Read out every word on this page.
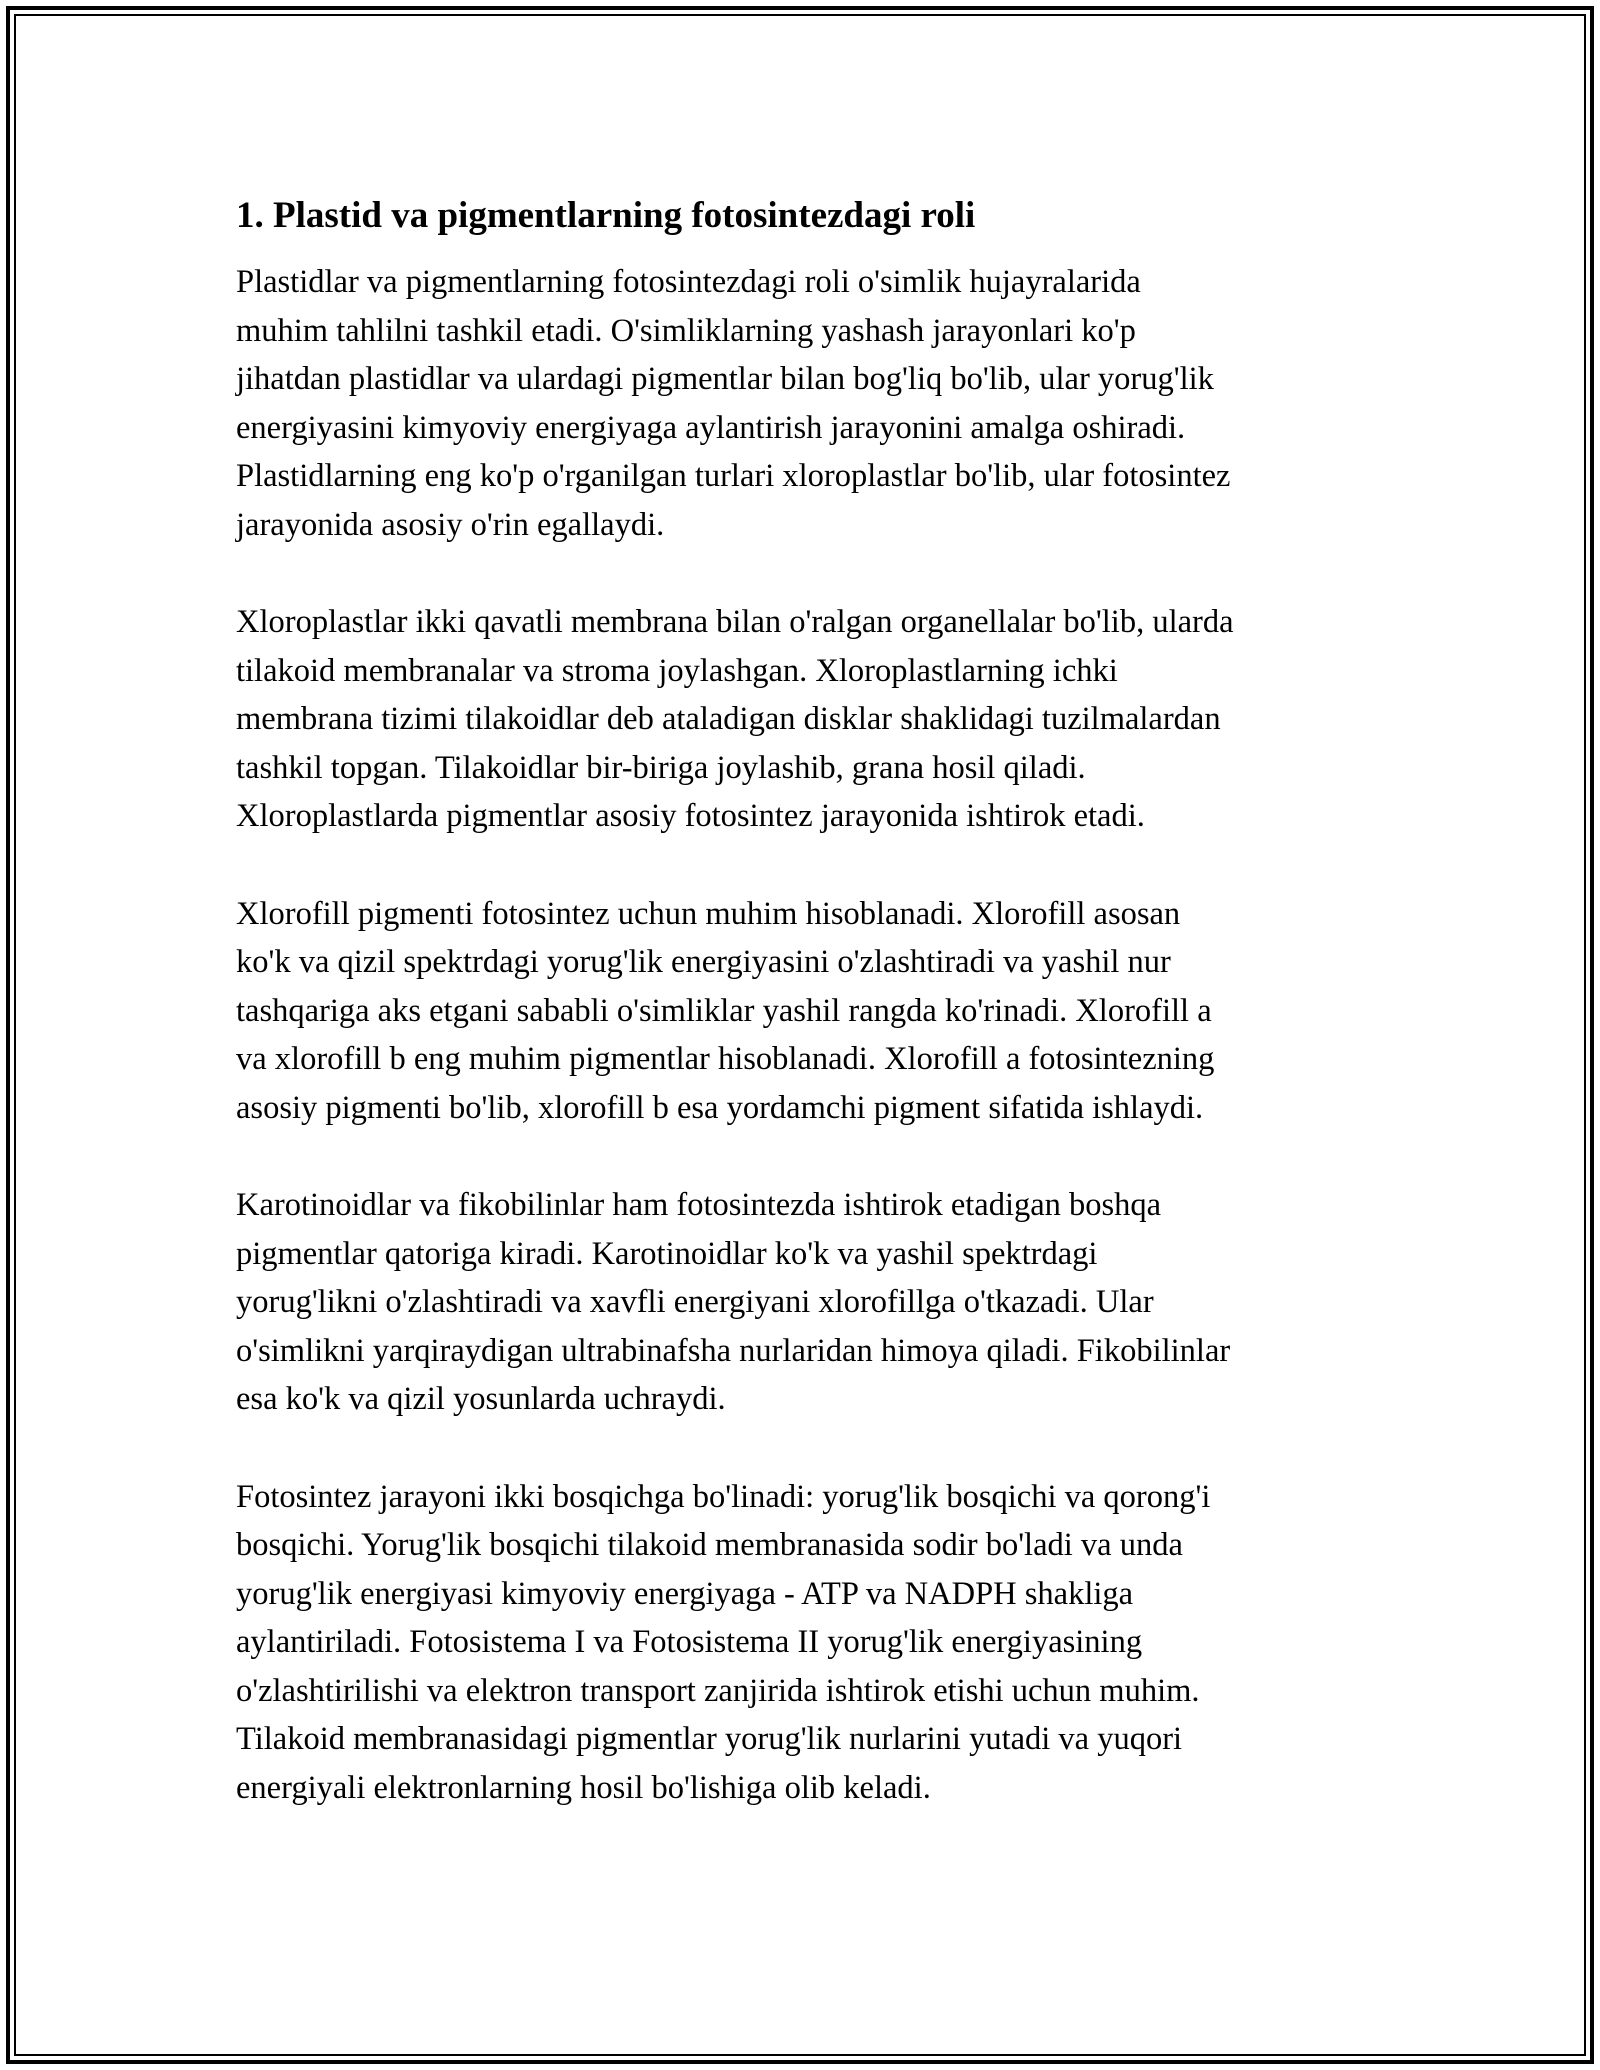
1. Plastid va pigmentlarning fotosintezdagi roli

Plastidlar va pigmentlarning fotosintezdagi roli o'simlik hujayralarida
muhim tahlilni tashkil etadi. O'simliklarning yashash jarayonlari ko'p
jihatdan plastidlar va ulardagi pigmentlar bilan bog'liq bo'lib, ular yorug'lik
energiyasini kimyoviy energiyaga aylantirish jarayonini amalga oshiradi.
Plastidlarning eng ko'p o'rganilgan turlari xloroplastlar bo'lib, ular fotosintez
jarayonida asosiy o'rin egallaydi.

Xloroplastlar ikki qavatli membrana bilan o'ralgan organellalar bo'lib, ularda
tilakoid membranalar va stroma joylashgan. Xloroplastlarning ichki
membrana tizimi tilakoidlar deb ataladigan disklar shaklidagi tuzilmalardan
tashkil topgan. Tilakoidlar bir-biriga joylashib, grana hosil qiladi.
Xloroplastlarda pigmentlar asosiy fotosintez jarayonida ishtirok etadi.

Xlorofill pigmenti fotosintez uchun muhim hisoblanadi. Xlorofill asosan
ko'k va qizil spektrdagi yorug'lik energiyasini o'zlashtiradi va yashil nur
tashqariga aks etgani sababli o'simliklar yashil rangda ko'rinadi. Xlorofill a
va xlorofill b eng muhim pigmentlar hisoblanadi. Xlorofill a fotosintezning
asosiy pigmenti bo'lib, xlorofill b esa yordamchi pigment sifatida ishlaydi.

Karotinoidlar va fikobilinlar ham fotosintezda ishtirok etadigan boshqa
pigmentlar qatoriga kiradi. Karotinoidlar ko'k va yashil spektrdagi
yorug'likni o'zlashtiradi va xavfli energiyani xlorofillga o'tkazadi. Ular
o'simlikni yarqiraydigan ultrabinafsha nurlaridan himoya qiladi. Fikobilinlar
esa ko'k va qizil yosunlarda uchraydi.

Fotosintez jarayoni ikki bosqichga bo'linadi: yorug'lik bosqichi va qorong'i
bosqichi. Yorug'lik bosqichi tilakoid membranasida sodir bo'ladi va unda
yorug'lik energiyasi kimyoviy energiyaga - ATP va NADPH shakliga
aylantiriladi. Fotosistema I va Fotosistema II yorug'lik energiyasining
o'zlashtirilishi va elektron transport zanjirida ishtirok etishi uchun muhim.
Tilakoid membranasidagi pigmentlar yorug'lik nurlarini yutadi va yuqori
energiyali elektronlarning hosil bo'lishiga olib keladi.
